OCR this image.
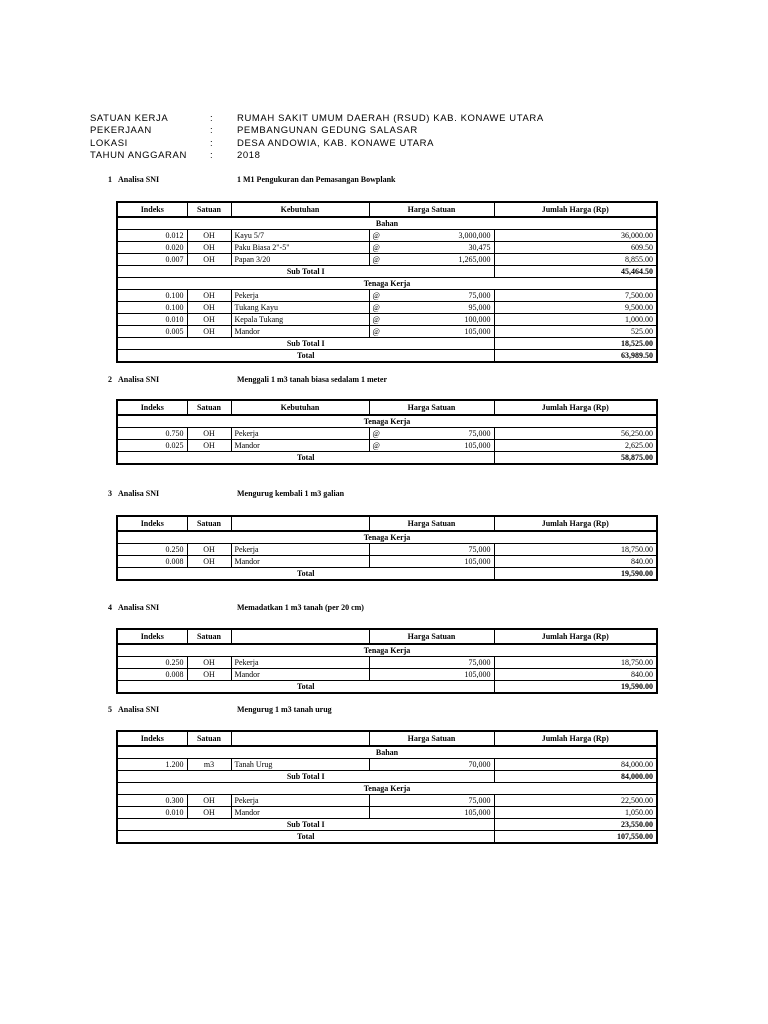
SATUAN KERJA	:	RUMAH SAKIT UMUM DAERAH (RSUD) KAB. KONAWE UTARA
PEKERJAAN	:	PEMBANGUNAN GEDUNG SALASAR
LOKASI	:	DESA ANDOWIA, KAB. KONAWE UTARA
TAHUN ANGGARAN :	2018
1 Analisa SNI	1 M1 Pengukuran dan Pemasangan Bowplank
Indeks	Satuan	Kebutuhan	Harga Satuan	Jumlah Harga (Rp)
Bahan				
0.012	OH	Kayu 5/7	@ 3,000,000	36,000.00
0.020	OH	Paku Biasa 2"-5"	@ 30,475	609.50
0.007	OH	Papan 3/20	@ 1,265,000	8,855.00
Sub Total I				45,464.50
Tenaga Kerja				
0.100	OH	Pekerja	@ 75,000	7,500.00
0.100	OH	Tukang Kayu	@ 95,000	9,500.00
0.010	OH	Kepala Tukang	@ 100,000	1,000.00
0.005	OH	Mandor	@ 105,000	525.00
Sub Total I				18,525.00
Total				63,989.50
2 Analisa SNI	Menggali 1 m3 tanah biasa sedalam 1 meter
Indeks	Satuan	Kebutuhan	Harga Satuan	Jumlah Harga (Rp)
Tenaga Kerja				
0.750	OH	Pekerja	@ 75,000	56,250.00
0.025	OH	Mandor	@ 105,000	2,625.00
Total				58,875.00
3 Analisa SNI	Mengurug kembali 1 m3 galian
Indeks	Satuan		Harga Satuan	Jumlah Harga (Rp)
Tenaga Kerja				
0.250	OH	Pekerja	75,000	18,750.00
0.008	OH	Mandor	105,000	840.00
Total				19,590.00
4 Analisa SNI	Memadatkan 1 m3 tanah (per 20 cm)
Indeks	Satuan		Harga Satuan	Jumlah Harga (Rp)
Tenaga Kerja				
0.250	OH	Pekerja	75,000	18,750.00
0.008	OH	Mandor	105,000	840.00
Total				19,590.00
5 Analisa SNI	Mengurug 1 m3 tanah urug
Indeks	Satuan		Harga Satuan	Jumlah Harga (Rp)
Bahan				
1.200	m3	Tanah Urug	70,000	84,000.00
Sub Total I				84,000.00
Tenaga Kerja				
0.300	OH	Pekerja	75,000	22,500.00
0.010	OH	Mandor	105,000	1,050.00
Sub Total I				23,550.00
Total				107,550.00
